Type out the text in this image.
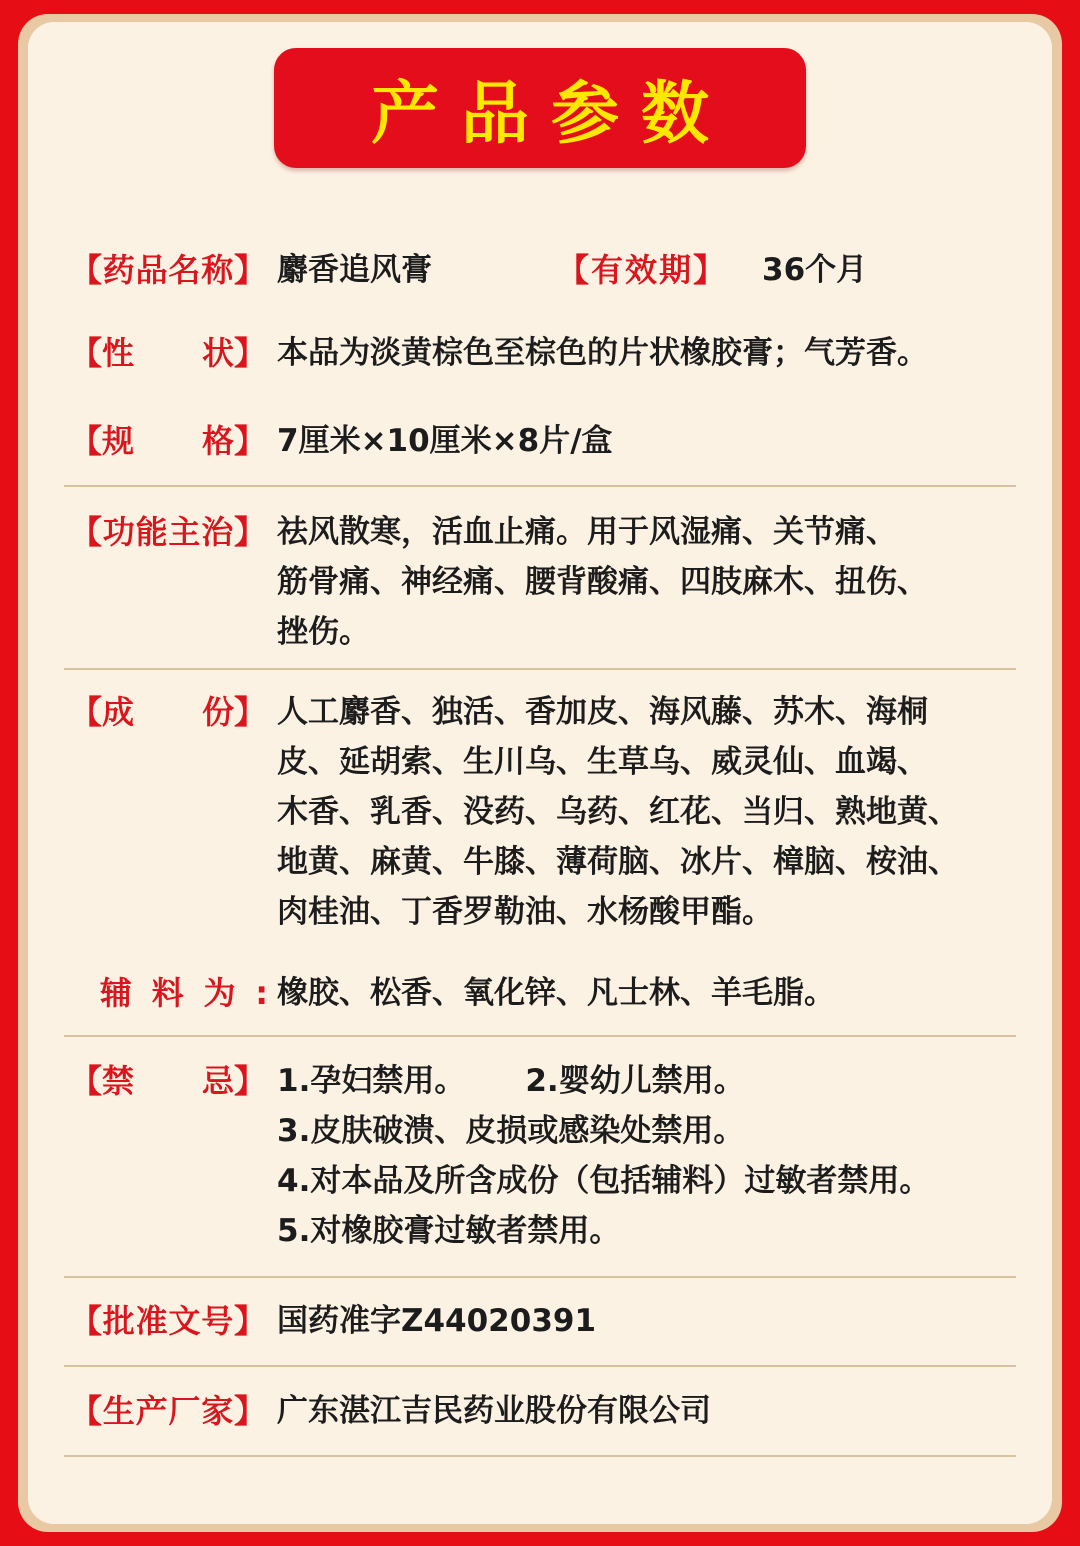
产品参数
【 药 品 名 称 】 麝香追风膏	【 有 效 期 】 36个月
【 性 状 】 本品为淡黄棕色至棕色的片状橡胶膏；气芳香。
【 规 格 】 7厘米×10厘米×8片/盒
【 功 能 主 治 】 祛风散寒，活血止痛。用于风湿痛、关节痛、
筋骨痛、神经痛、腰背酸痛、四肢麻木、扭伤、
挫伤。
【 成 份 】 人工麝香、独活、香加皮、海风藤、苏木、海桐
皮、延胡索、生川乌、生草乌、威灵仙、血竭、
木香、乳香、没药、乌药、红花、当归、熟地黄、
地黄、麻黄、牛膝、薄荷脑、冰片、樟脑、桉油、
肉桂油、丁香罗勒油、水杨酸甲酯。
辅 料 为 : 橡胶、松香、氧化锌、凡士林、羊毛脂。
【 禁 忌 】 1.孕妇禁用。 2.婴幼儿禁用。
3.皮肤破溃、皮损或感染处禁用。
4.对本品及所含成份（包括辅料）过敏者禁用。
5.对橡胶膏过敏者禁用。
【 批 准 文 号 】 国药准字Z44020391
【 生 产 厂 家 】 广东湛江吉民药业股份有限公司
